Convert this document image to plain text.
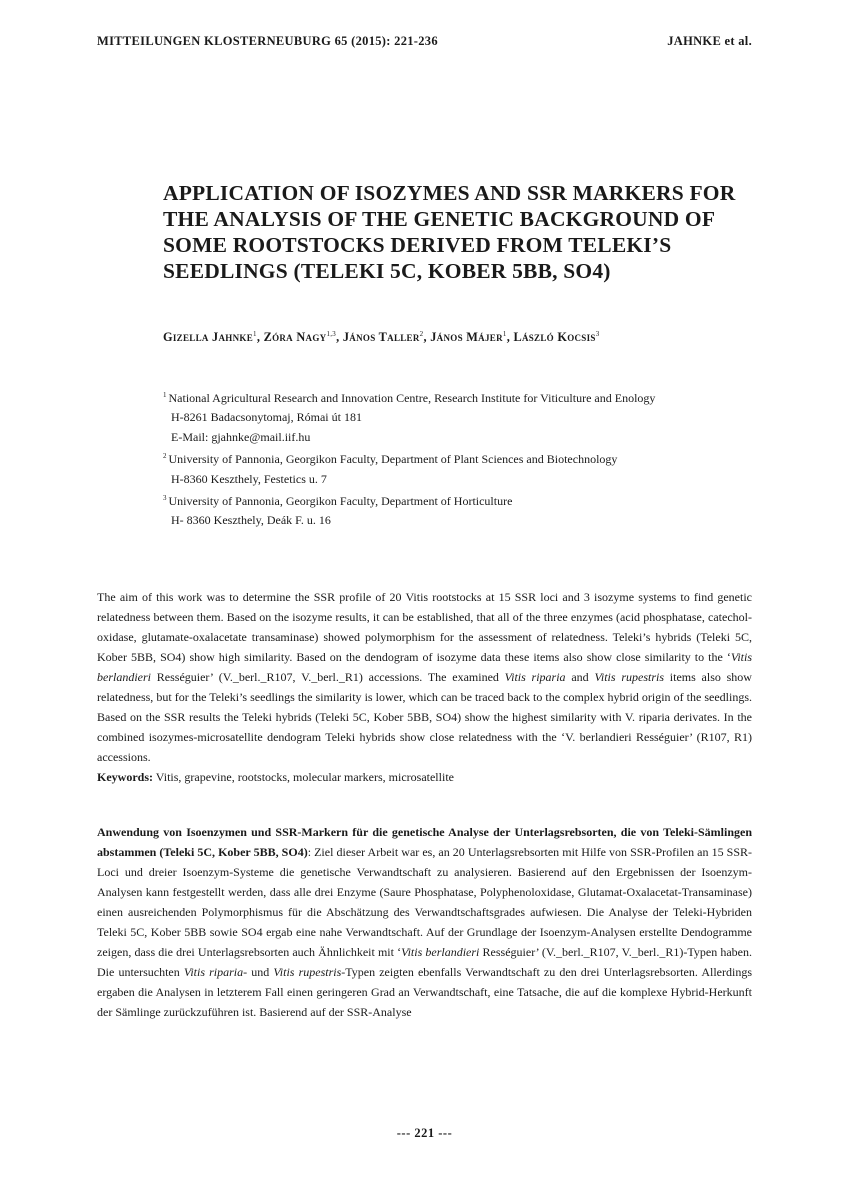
MITTEILUNGEN KLOSTERNEUBURG 65 (2015): 221-236	JAHNKE et al.
APPLICATION OF ISOZYMES AND SSR MARKERS FOR THE ANALYSIS OF THE GENETIC BACKGROUND OF SOME ROOTSTOCKS DERIVED FROM TELEKI’S SEEDLINGS (TELEKI 5C, KOBER 5BB, SO4)
Gizella Jahnke$^1$, Zóra Nagy$^{1,3}$, János Taller$^2$, János Májer$^1$, László Kocsis$^3$
$^1$ National Agricultural Research and Innovation Centre, Research Institute for Viticulture and Enology
H-8261 Badacsonytomaj, Római út 181
E-Mail: gjahnke@mail.iif.hu
$^2$ University of Pannonia, Georgikon Faculty, Department of Plant Sciences and Biotechnology
H-8360 Keszthely, Festetics u. 7
$^3$ University of Pannonia, Georgikon Faculty, Department of Horticulture
H- 8360 Keszthely, Deák F. u. 16

The aim of this work was to determine the SSR profile of 20 Vitis rootstocks at 15 SSR loci and 3 isozyme systems to find genetic relatedness between them. Based on the isozyme results, it can be established, that all of the three enzymes (acid phosphatase, catechol-oxidase, glutamate-oxalacetate transaminase) showed polymorphism for the assessment of relatedness. Teleki’s hybrids (Teleki 5C, Kober 5BB, SO4) show high similarity. Based on the dendogram of isozyme data these items also show close similarity to the ‘Vitis berlandieri Rességuier’ (V._berl._R107, V._berl._R1) accessions. The examined Vitis riparia and Vitis rupestris items also show relatedness, but for the Teleki’s seedlings the similarity is lower, which can be traced back to the complex hybrid origin of the seedlings. Based on the SSR results the Teleki hybrids (Teleki 5C, Kober 5BB, SO4) show the highest similarity with V. riparia derivates. In the combined isozymes-microsatellite dendogram Teleki hybrids show close relatedness with the ‘V. berlandieri Rességuier’ (R107, R1) accessions.

Keywords: Vitis, grapevine, rootstocks, molecular markers, microsatellite

Anwendung von Isoenzymen und SSR-Markern für die genetische Analyse der Unterlagsrebsorten, die von Teleki-Sämlingen abstammen (Teleki 5C, Kober 5BB, SO4): Ziel dieser Arbeit war es, an 20 Unterlagsrebsorten mit Hilfe von SSR-Profilen an 15 SSR-Loci und dreier Isoenzym-Systeme die genetische Verwandtschaft zu analysieren. Basierend auf den Ergebnissen der Isoenzym-Analysen kann festgestellt werden, dass alle drei Enzyme (Saure Phosphatase, Polyphenoloxidase, Glutamat-Oxalacetat-Transaminase) einen ausreichenden Polymorphismus für die Abschätzung des Verwandtschaftsgrades aufwiesen. Die Analyse der Teleki-Hybriden Teleki 5C, Kober 5BB sowie SO4 ergab eine nahe Verwandtschaft. Auf der Grundlage der Isoenzym-Analysen erstellte Dendogramme zeigen, dass die drei Unterlagsrebsorten auch Ähnlichkeit mit ‘Vitis berlandieri Rességuier’ (V._berl._R107, V._berl._R1)-Typen haben. Die untersuchten Vitis riparia- und Vitis rupestris-Typen zeigten ebenfalls Verwandtschaft zu den drei Unterlagsrebsorten. Allerdings ergaben die Analysen in letzterem Fall einen geringeren Grad an Verwandtschaft, eine Tatsache, die auf die komplexe Hybrid-Herkunft der Sämlinge zurückzuführen ist. Basierend auf der SSR-Analyse

--- 221 ---
